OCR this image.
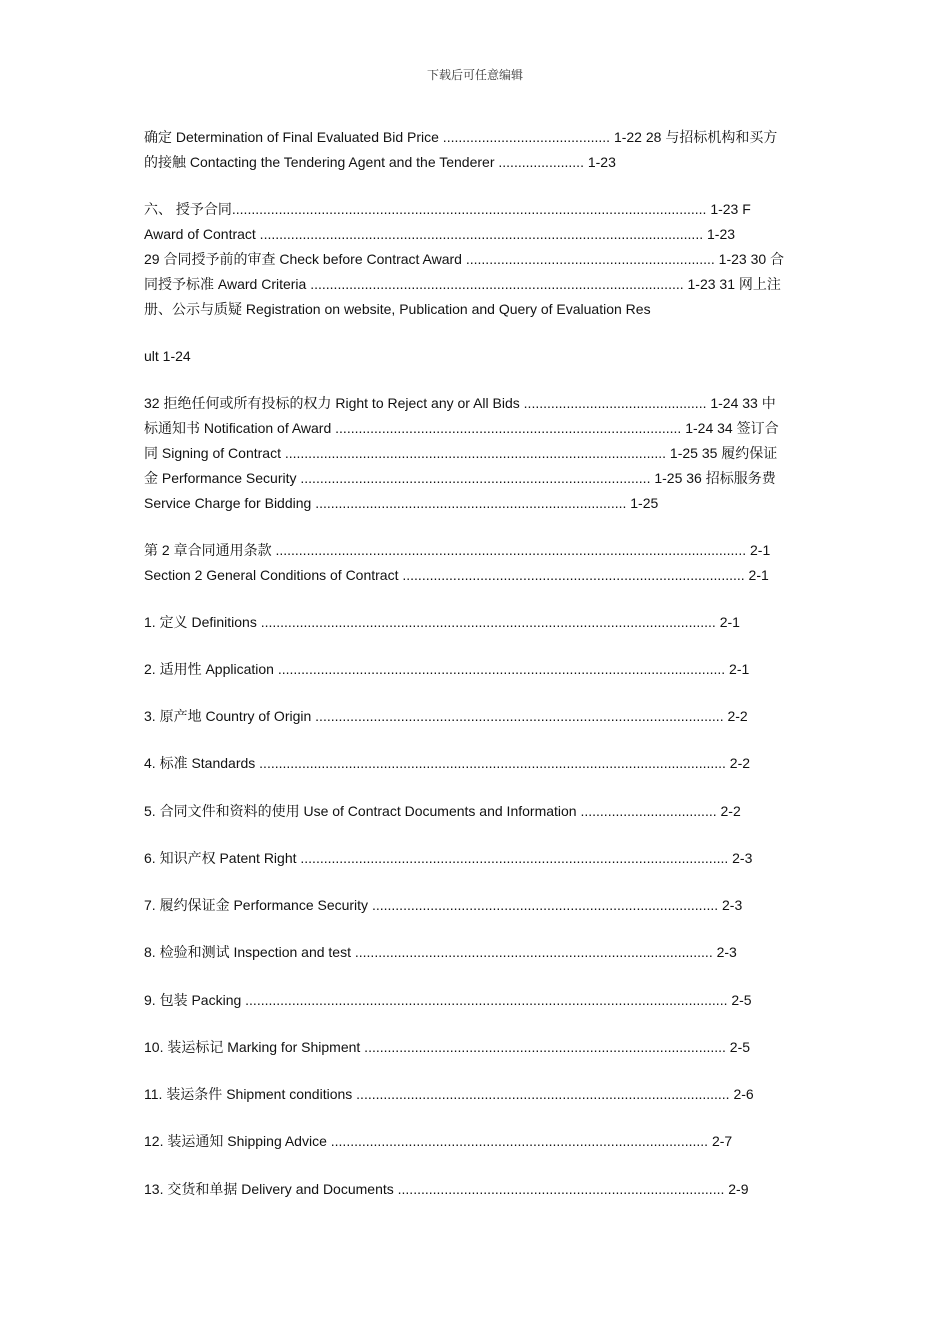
下载后可任意编辑
确定 Determination of Final Evaluated Bid Price ........................................... 1-22 28 与招标机构和买方
的接触 Contacting the Tendering Agent and the Tenderer ...................... 1-23
六、 授予合同.......................................................................................................................... 1-23 F
Award of Contract .................................................................................................................. 1-23
29 合同授予前的审查 Check before Contract Award ................................................................ 1-23 30 合
同授予标准 Award Criteria ................................................................................................ 1-23 31 网上注
册、公示与质疑 Registration on website, Publication and Query of Evaluation Res
ult 1-24
32 拒绝任何或所有投标的权力 Right to Reject any or All Bids ............................................... 1-24 33 中
标通知书 Notification of Award ......................................................................................... 1-24 34 签订合
同 Signing of Contract .................................................................................................. 1-25 35 履约保证
金 Performance Security .......................................................................................... 1-25 36 招标服务费
Service Charge for Bidding ................................................................................ 1-25
第 2 章合同通用条款 ......................................................................................................................... 2-1
Section 2 General Conditions of Contract ........................................................................................ 2-1
1. 定义 Definitions ..................................................................................................................... 2-1
2. 适用性 Application ................................................................................................................... 2-1
3. 原产地 Country of Origin ......................................................................................................... 2-2
4. 标准 Standards ........................................................................................................................ 2-2
5. 合同文件和资料的使用 Use of Contract Documents and Information ................................... 2-2
6. 知识产权 Patent Right .............................................................................................................. 2-3
7. 履约保证金 Performance Security ......................................................................................... 2-3
8. 检验和测试 Inspection and test ............................................................................................ 2-3
9. 包装 Packing ............................................................................................................................ 2-5
10. 装运标记 Marking for Shipment ............................................................................................. 2-5
11. 装运条件 Shipment conditions ................................................................................................ 2-6
12. 装运通知 Shipping Advice ................................................................................................. 2-7
13. 交货和单据 Delivery and Documents .................................................................................... 2-9
